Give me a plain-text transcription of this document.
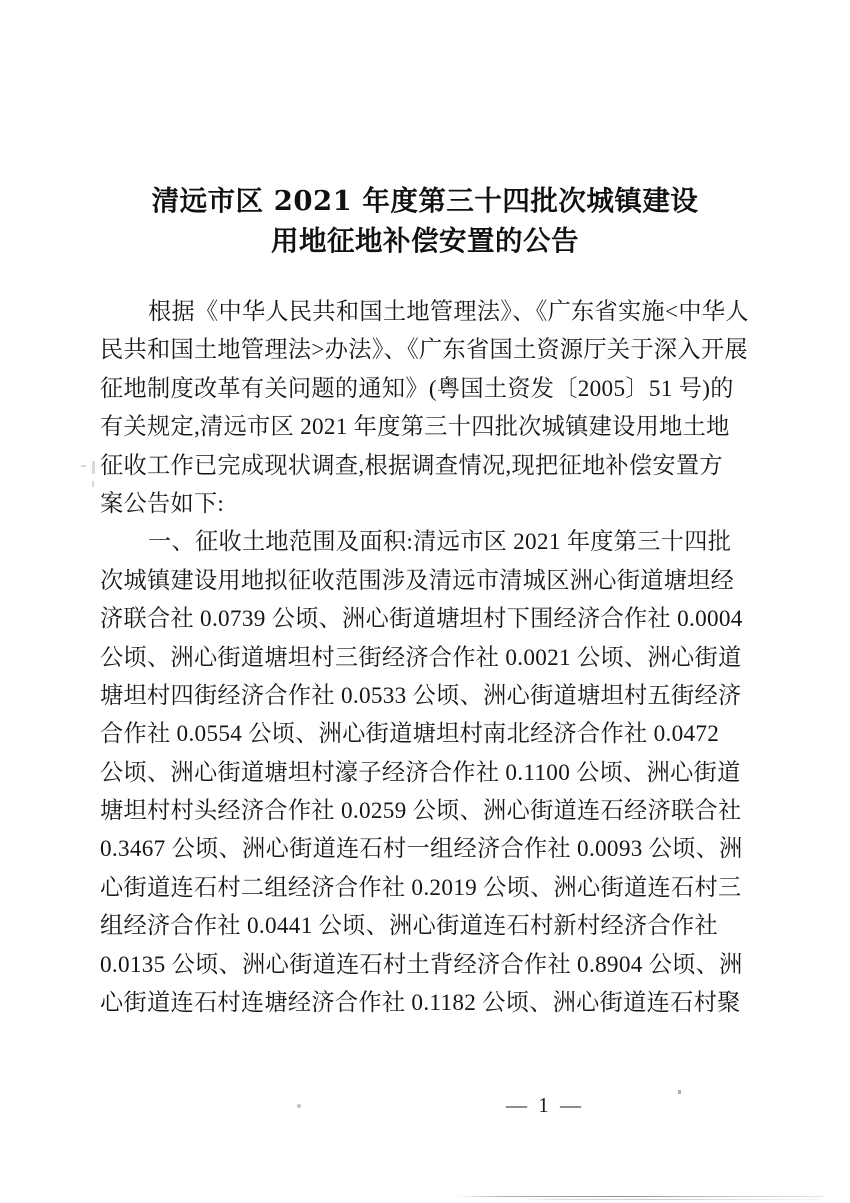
清远市区 2021 年度第三十四批次城镇建设
用地征地补偿安置的公告
根据《中华人民共和国土地管理法》、《广东省实施<中华人
民共和国土地管理法>办法》、《广东省国土资源厅关于深入开展
征地制度改革有关问题的通知》(粤国土资发〔2005〕51 号)的
有关规定,清远市区 2021 年度第三十四批次城镇建设用地土地
征收工作已完成现状调查,根据调查情况,现把征地补偿安置方
案公告如下:
一、征收土地范围及面积:清远市区 2021 年度第三十四批
次城镇建设用地拟征收范围涉及清远市清城区洲心街道塘坦经
济联合社 0.0739 公顷、洲心街道塘坦村下围经济合作社 0.0004
公顷、洲心街道塘坦村三街经济合作社 0.0021 公顷、洲心街道
塘坦村四街经济合作社 0.0533 公顷、洲心街道塘坦村五街经济
合作社 0.0554 公顷、洲心街道塘坦村南北经济合作社 0.0472
公顷、洲心街道塘坦村濠子经济合作社 0.1100 公顷、洲心街道
塘坦村村头经济合作社 0.0259 公顷、洲心街道连石经济联合社
0.3467 公顷、洲心街道连石村一组经济合作社 0.0093 公顷、洲
心街道连石村二组经济合作社 0.2019 公顷、洲心街道连石村三
组经济合作社 0.0441 公顷、洲心街道连石村新村经济合作社
0.0135 公顷、洲心街道连石村土背经济合作社 0.8904 公顷、洲
心街道连石村连塘经济合作社 0.1182 公顷、洲心街道连石村聚
— 1 —
